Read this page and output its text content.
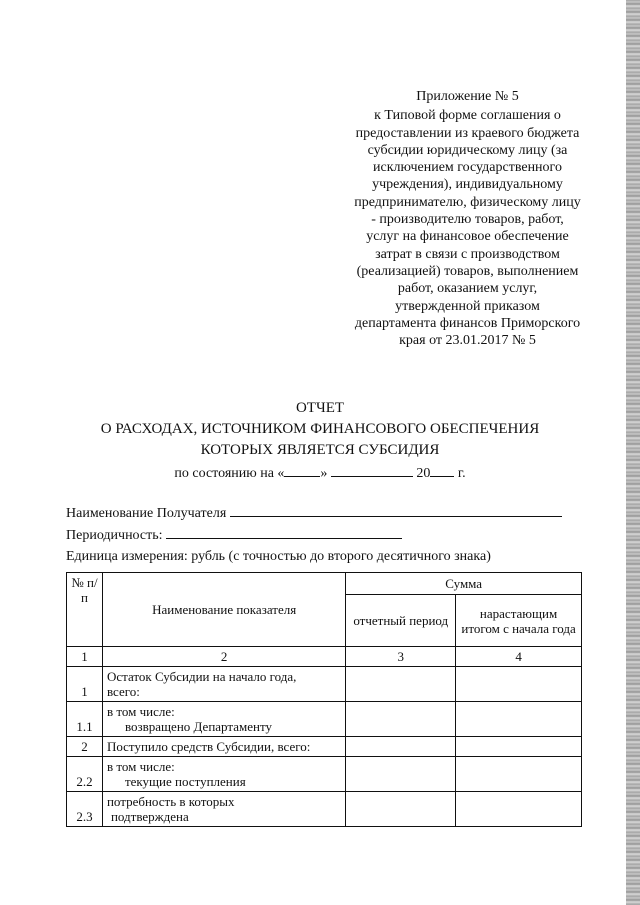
Приложение № 5
к Типовой форме соглашения о
предоставлении из краевого бюджета
субсидии юридическому лицу (за
исключением государственного
учреждения), индивидуальному
предпринимателю, физическому лицу
- производителю товаров, работ,
услуг на финансовое обеспечение
затрат в связи с производством
(реализацией) товаров, выполнением
работ, оказанием услуг,
утвержденной приказом
департамента финансов Приморского
края от 23.01.2017 № 5
ОТЧЕТ
О РАСХОДАХ, ИСТОЧНИКОМ ФИНАНСОВОГО ОБЕСПЕЧЕНИЯ
КОТОРЫХ ЯВЛЯЕТСЯ СУБСИДИЯ
по состоянию на «	»	20 г.
Наименование Получателя
Периодичность:
Единица измерения: рубль (с точностью до второго десятичного знака)
№ п/п	Наименование показателя	Сумма	
		отчетный период	нарастающим итогом с начала года
1	2	3	4
1	Остаток Субсидии на начало года,
всего:		

1.1	в том числе:
возвращено Департаменту		

2	Поступило средств Субсидии, всего:		
2.2	в том числе:
текущие поступления		

2.3	потребность в которых
подтверждена		
